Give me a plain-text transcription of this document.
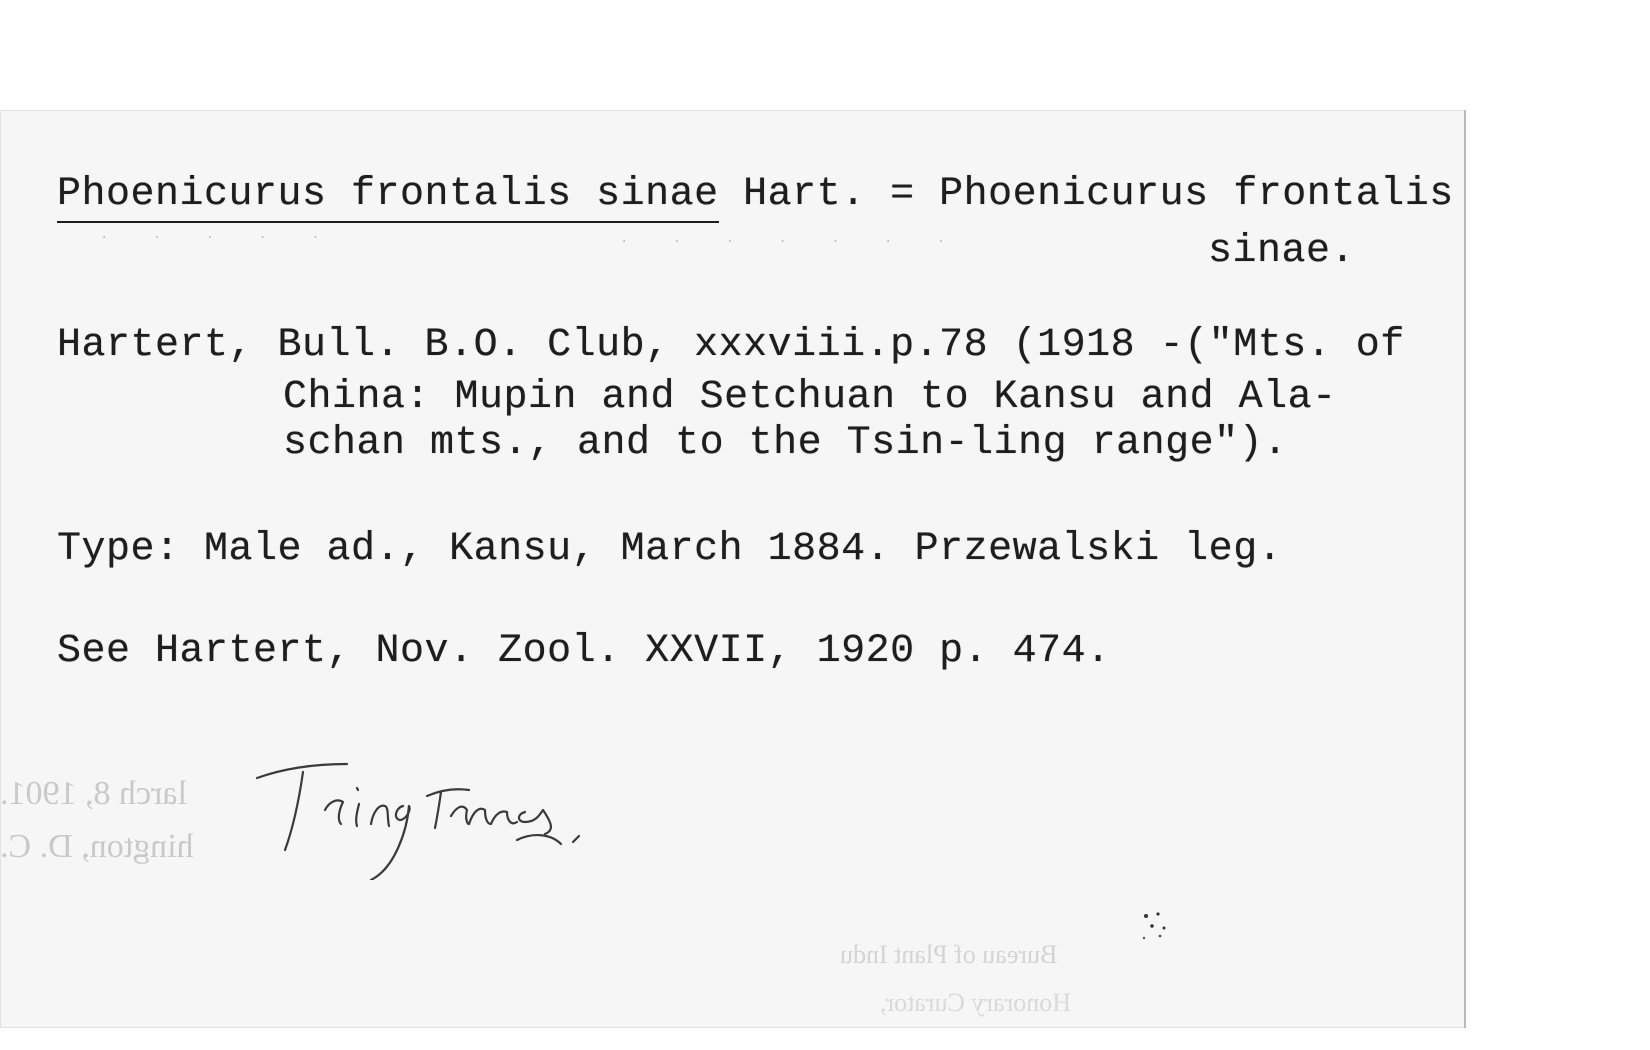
· · · · ·	· · · · · · ·
Phoenicurus frontalis sinae Hart. = Phoenicurus frontalis
sinae.
Hartert, Bull. B.O. Club, xxxviii.p.78 (1918 -("Mts. of
China: Mupin and Setchuan to Kansu and Ala-
schan mts., and to the Tsin-ling range").
Type: Male ad., Kansu, March 1884. Przewalski leg.
See Hartert, Nov. Zool. XXVII, 1920 p. 474.
larch 8, 1901.
hington, D. C.
Bureau of Plant Indu
Honorary Curator,
